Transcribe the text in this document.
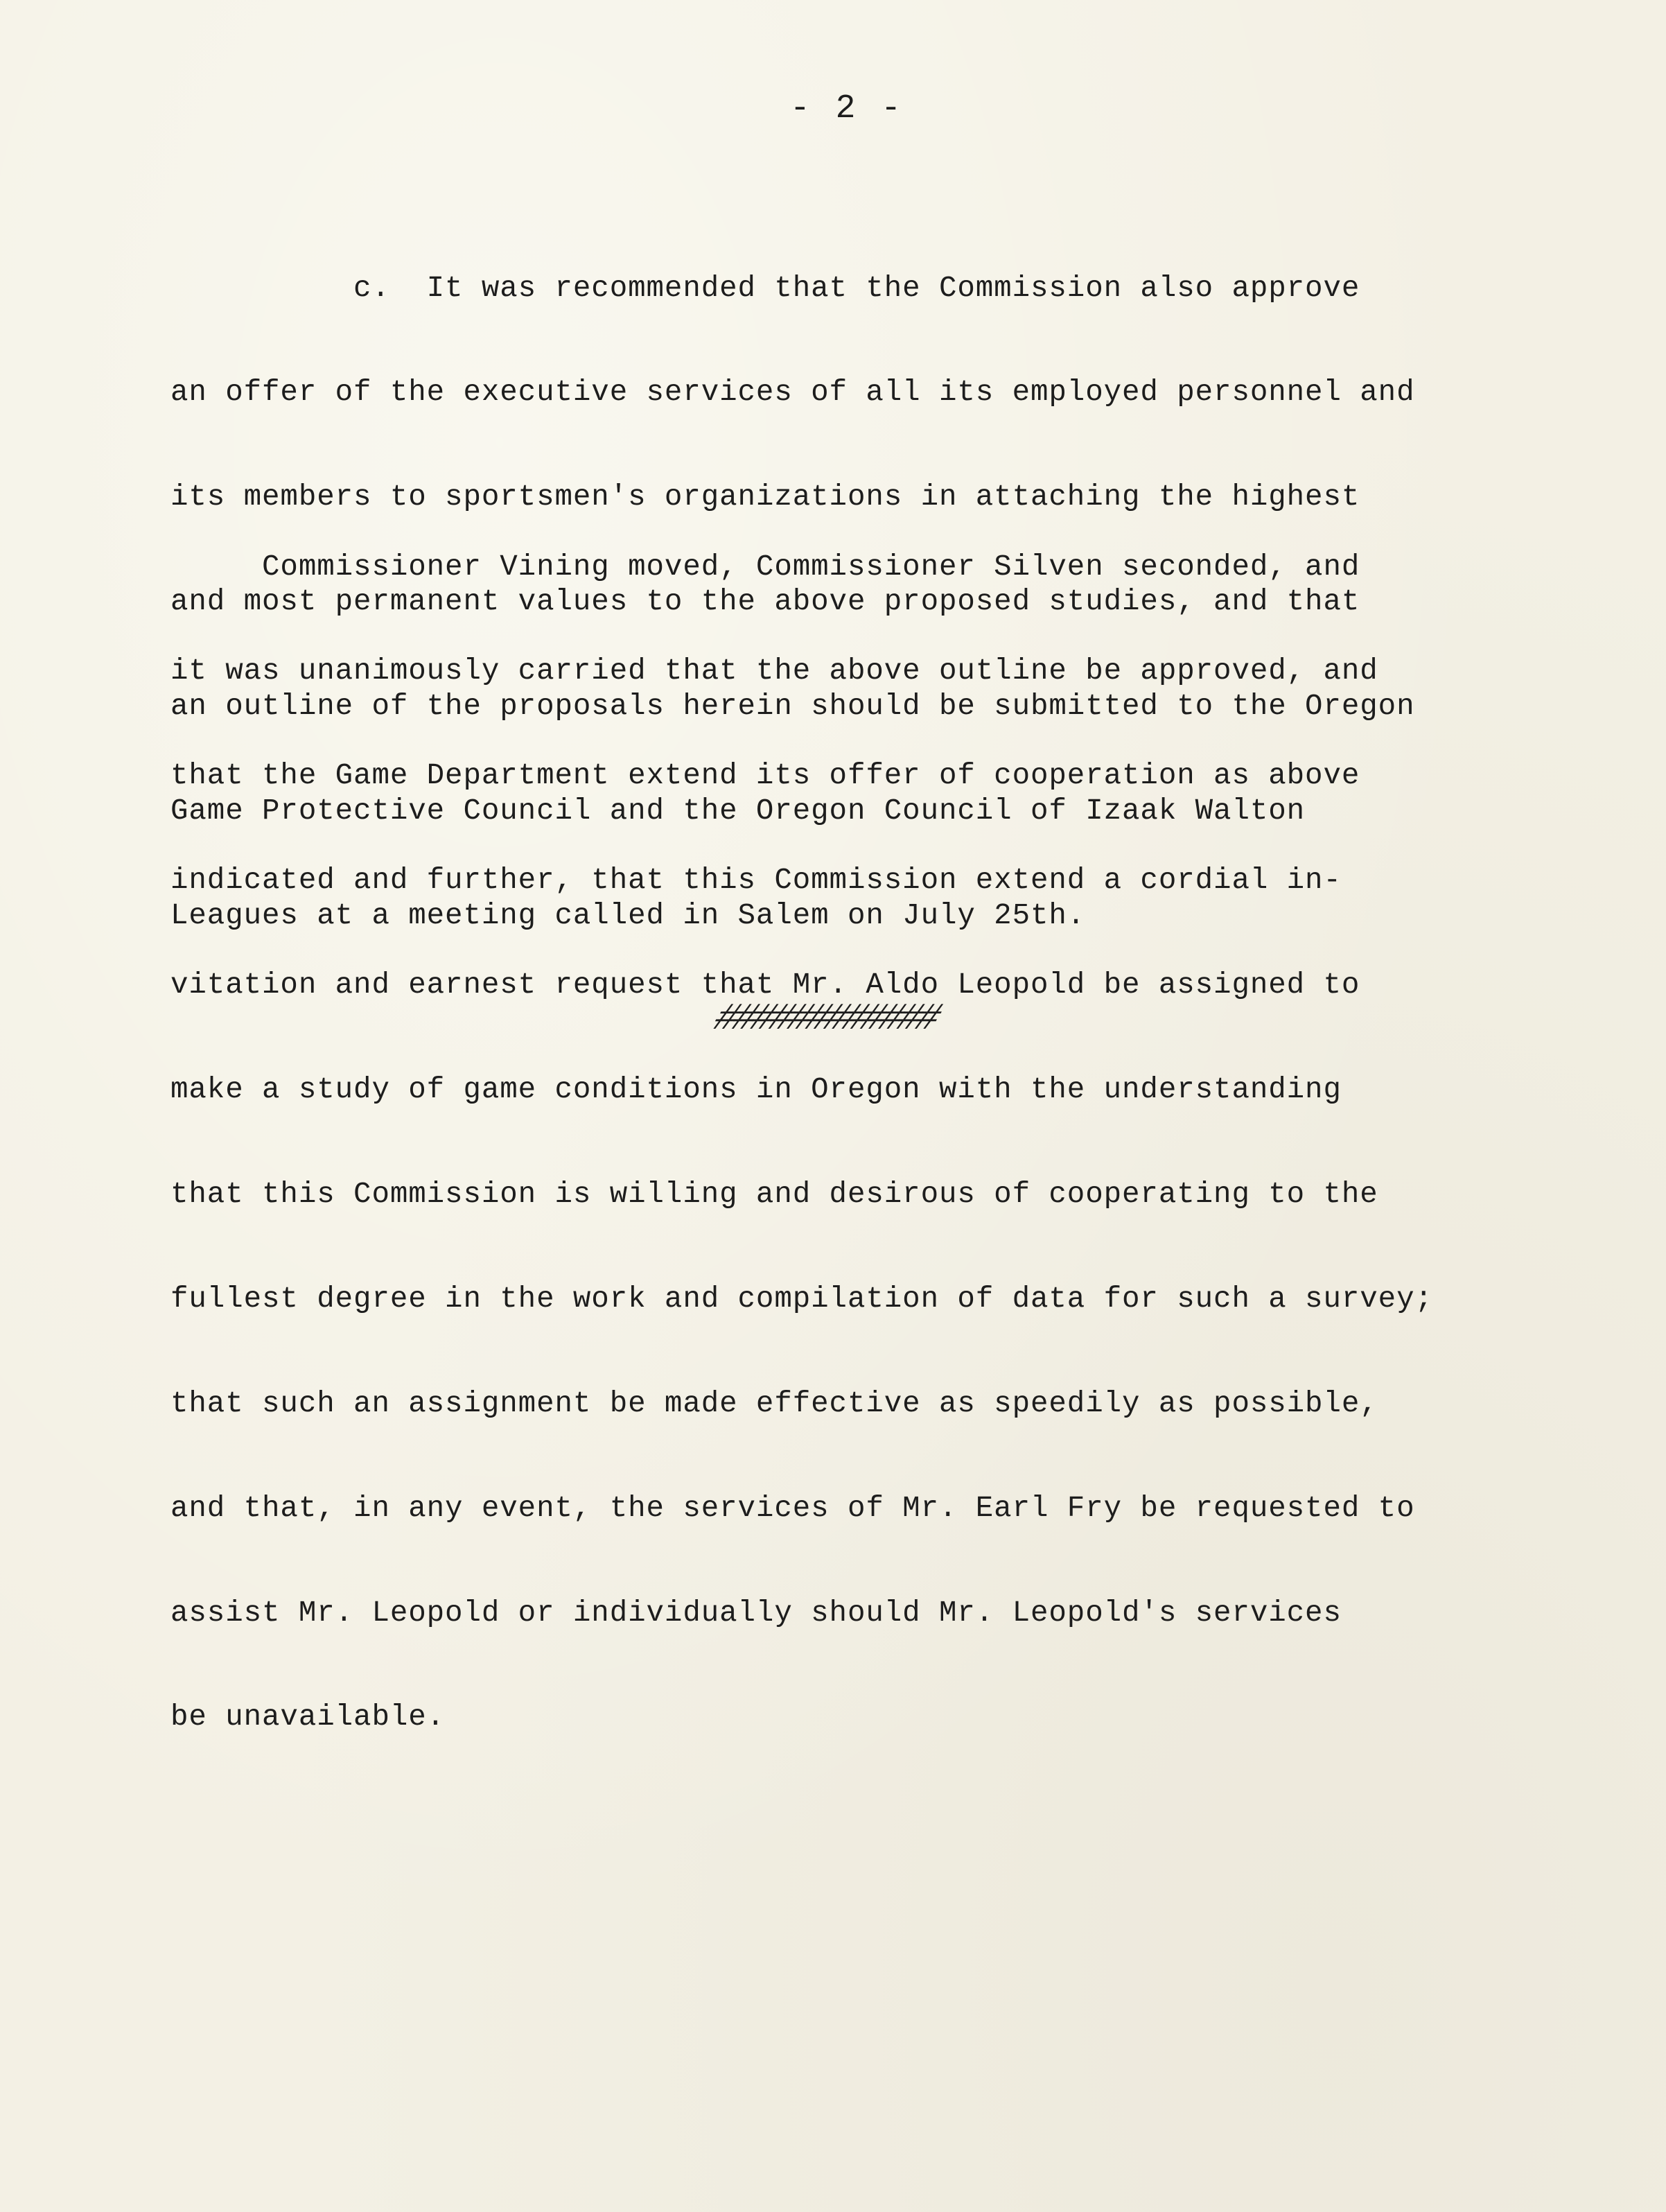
- 2 -

c.  It was recommended that the Commission also approve

an offer of the executive services of all its employed personnel and

its members to sportsmen's organizations in attaching the highest

and most permanent values to the above proposed studies, and that

an outline of the proposals herein should be submitted to the Oregon

Game Protective Council and the Oregon Council of Izaak Walton

Leagues at a meeting called in Salem on July 25th.

Commissioner Vining moved, Commissioner Silven seconded, and

it was unanimously carried that the above outline be approved, and

that the Game Department extend its offer of cooperation as above

indicated and further, that this Commission extend a cordial in-

vitation and earnest request that Mr. Aldo Leopold be assigned to

make a study of game conditions in Oregon with the understanding

that this Commission is willing and desirous of cooperating to the

fullest degree in the work and compilation of data for such a survey;

that such an assignment be made effective as speedily as possible,

and that, in any event, the services of Mr. Earl Fry be requested to

assist Mr. Leopold or individually should Mr. Leopold's services

be unavailable.

############
